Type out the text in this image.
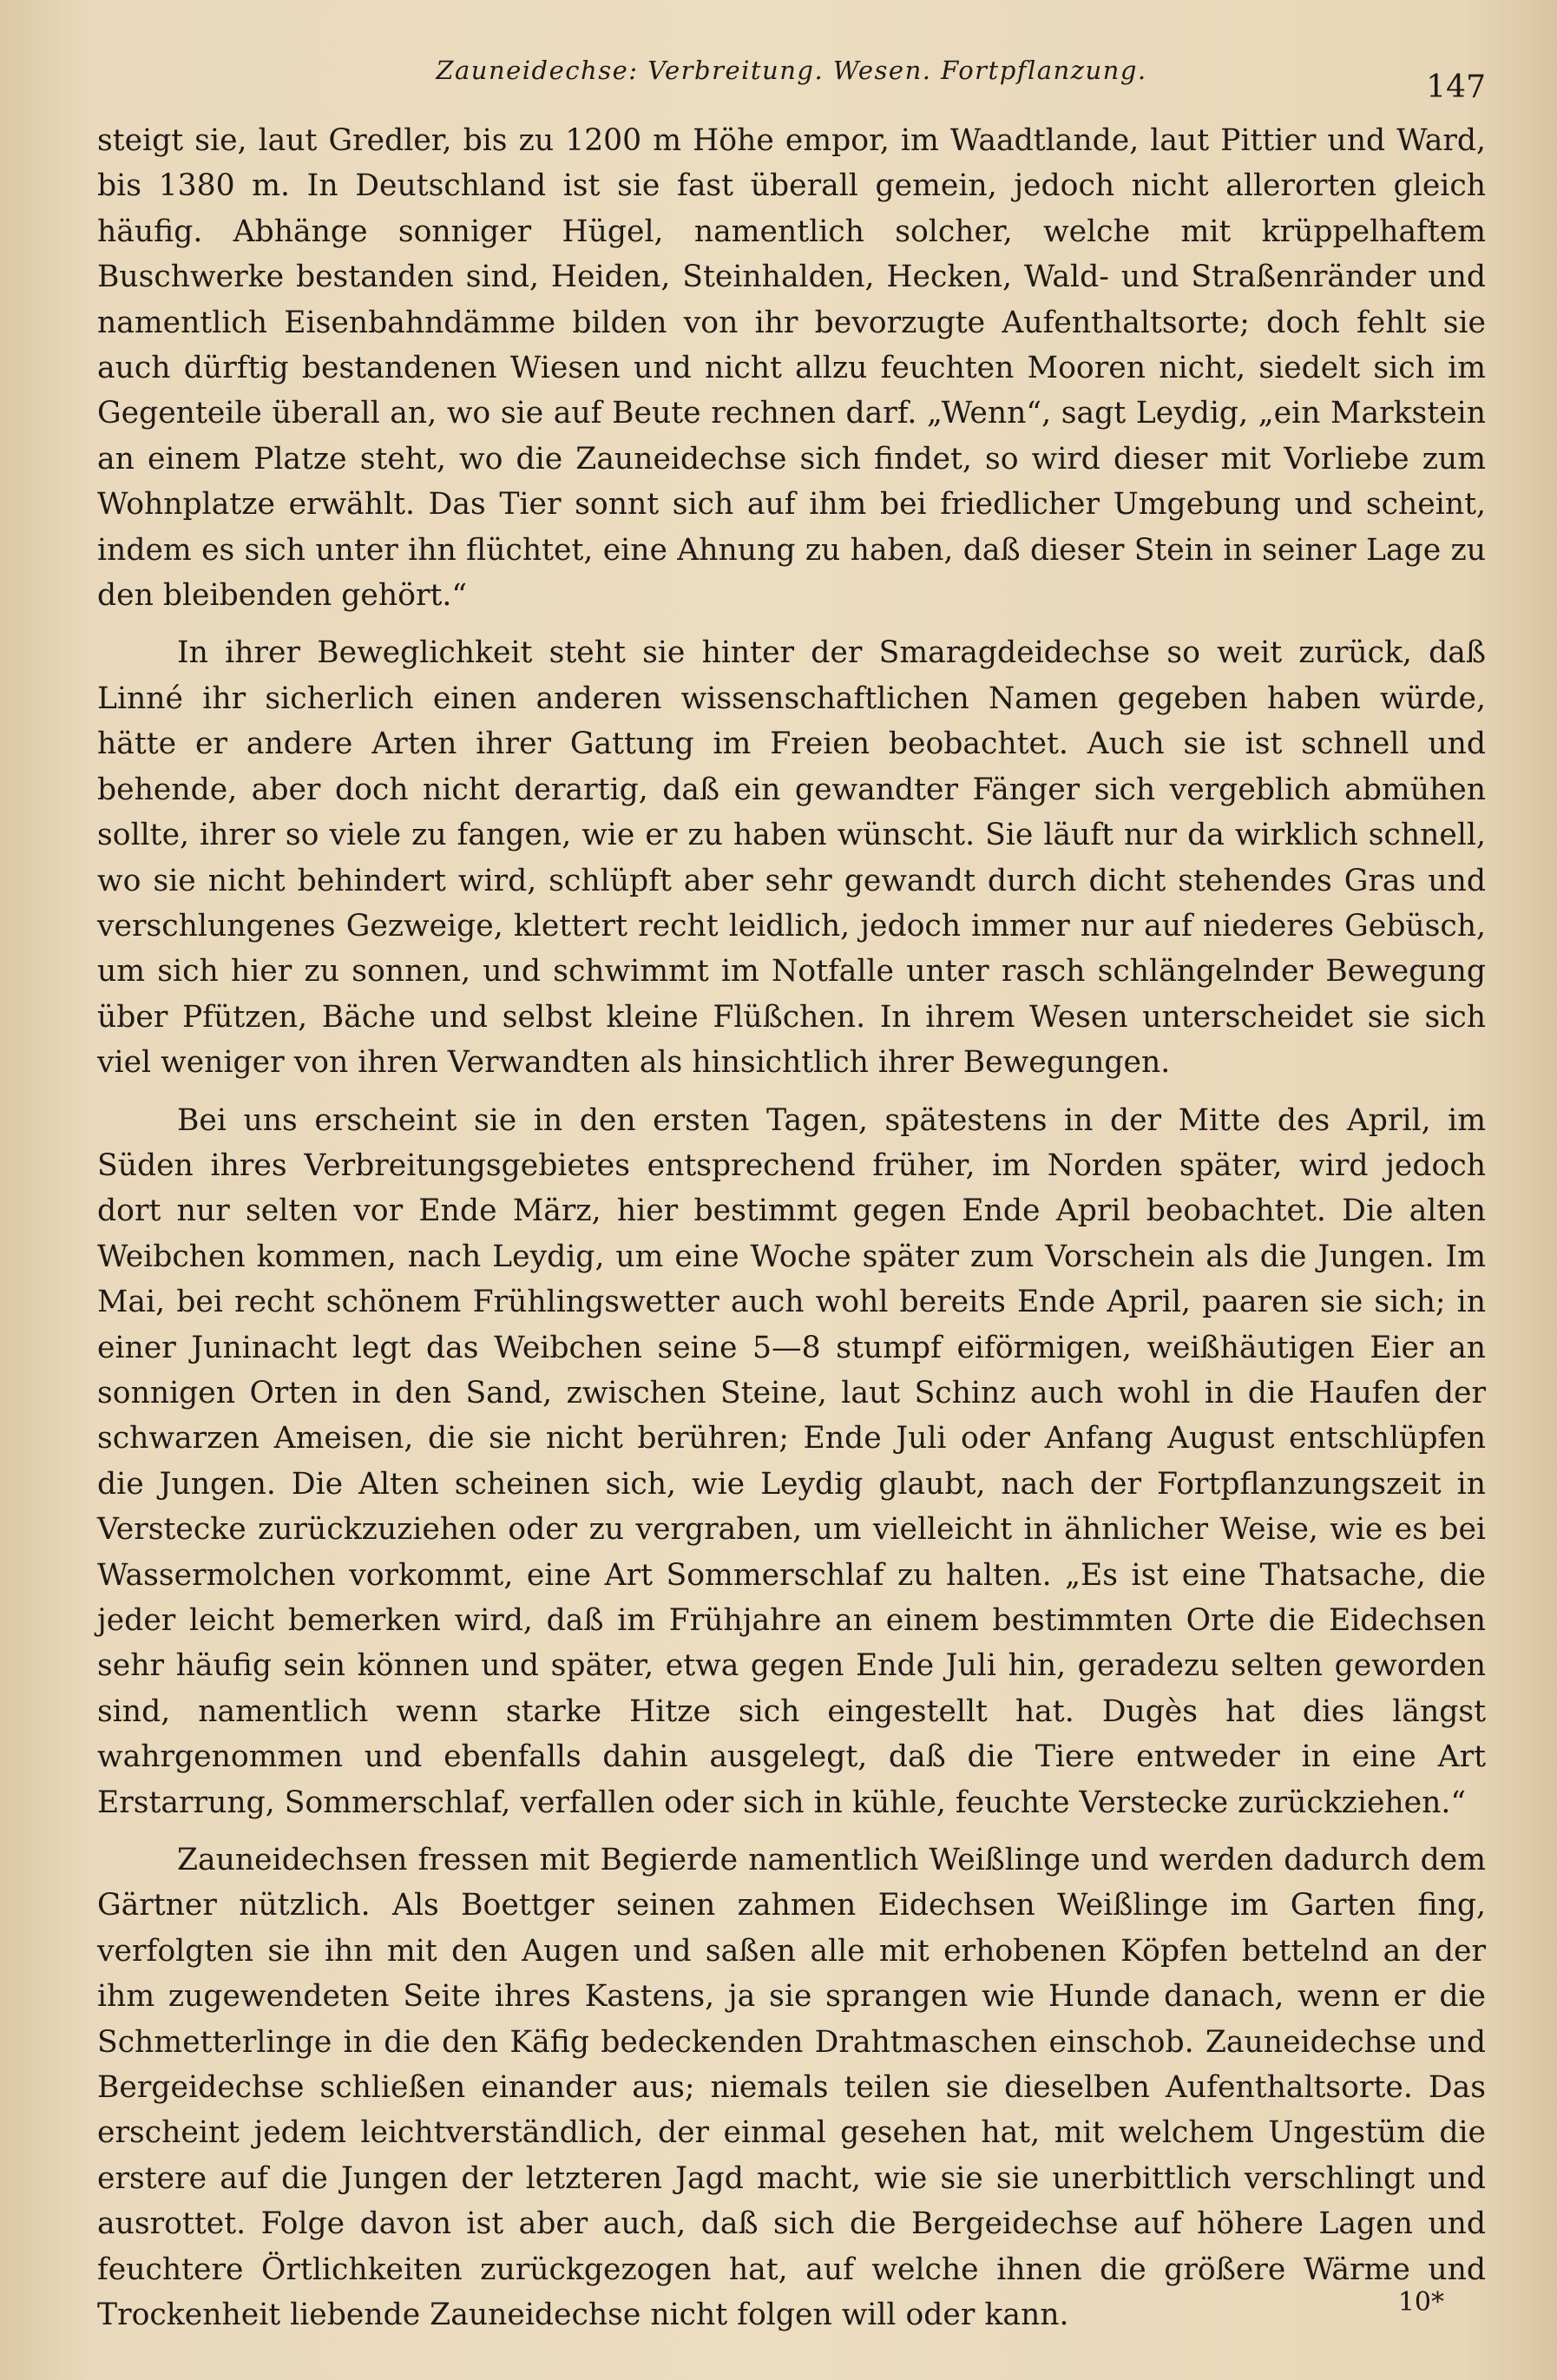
Zauneidechse: Verbreitung. Wesen. Fortpflanzung.	147

steigt sie, laut Gredler, bis zu 1200 m Höhe empor, im Waadtlande, laut Pittier und Ward, bis 1380 m. In Deutschland ist sie fast überall gemein, jedoch nicht allerorten gleich häufig. Abhänge sonniger Hügel, namentlich solcher, welche mit krüppelhaftem Buschwerke bestanden sind, Heiden, Steinhalden, Hecken, Wald- und Straßenränder und namentlich Eisenbahndämme bilden von ihr bevorzugte Aufenthaltsorte; doch fehlt sie auch dürftig bestandenen Wiesen und nicht allzu feuchten Mooren nicht, siedelt sich im Gegenteile überall an, wo sie auf Beute rechnen darf. „Wenn“, sagt Leydig, „ein Markstein an einem Platze steht, wo die Zauneidechse sich findet, so wird dieser mit Vorliebe zum Wohnplatze erwählt. Das Tier sonnt sich auf ihm bei friedlicher Umgebung und scheint, indem es sich unter ihn flüchtet, eine Ahnung zu haben, daß dieser Stein in seiner Lage zu den bleibenden gehört.“

In ihrer Beweglichkeit steht sie hinter der Smaragdeidechse so weit zurück, daß Linné ihr sicherlich einen anderen wissenschaftlichen Namen gegeben haben würde, hätte er andere Arten ihrer Gattung im Freien beobachtet. Auch sie ist schnell und behende, aber doch nicht derartig, daß ein gewandter Fänger sich vergeblich abmühen sollte, ihrer so viele zu fangen, wie er zu haben wünscht. Sie läuft nur da wirklich schnell, wo sie nicht behindert wird, schlüpft aber sehr gewandt durch dicht stehendes Gras und verschlungenes Gezweige, klettert recht leidlich, jedoch immer nur auf niederes Gebüsch, um sich hier zu sonnen, und schwimmt im Notfalle unter rasch schlängelnder Bewegung über Pfützen, Bäche und selbst kleine Flüßchen. In ihrem Wesen unterscheidet sie sich viel weniger von ihren Verwandten als hinsichtlich ihrer Bewegungen.

Bei uns erscheint sie in den ersten Tagen, spätestens in der Mitte des April, im Süden ihres Verbreitungsgebietes entsprechend früher, im Norden später, wird jedoch dort nur selten vor Ende März, hier bestimmt gegen Ende April beobachtet. Die alten Weibchen kommen, nach Leydig, um eine Woche später zum Vorschein als die Jungen. Im Mai, bei recht schönem Frühlingswetter auch wohl bereits Ende April, paaren sie sich; in einer Juninacht legt das Weibchen seine 5—8 stumpf eiförmigen, weißhäutigen Eier an sonnigen Orten in den Sand, zwischen Steine, laut Schinz auch wohl in die Haufen der schwarzen Ameisen, die sie nicht berühren; Ende Juli oder Anfang August entschlüpfen die Jungen. Die Alten scheinen sich, wie Leydig glaubt, nach der Fortpflanzungszeit in Verstecke zurückzuziehen oder zu vergraben, um vielleicht in ähnlicher Weise, wie es bei Wassermolchen vorkommt, eine Art Sommerschlaf zu halten. „Es ist eine Thatsache, die jeder leicht bemerken wird, daß im Frühjahre an einem bestimmten Orte die Eidechsen sehr häufig sein können und später, etwa gegen Ende Juli hin, geradezu selten geworden sind, namentlich wenn starke Hitze sich eingestellt hat. Dugès hat dies längst wahrgenommen und ebenfalls dahin ausgelegt, daß die Tiere entweder in eine Art Erstarrung, Sommerschlaf, verfallen oder sich in kühle, feuchte Verstecke zurückziehen.“

Zauneidechsen fressen mit Begierde namentlich Weißlinge und werden dadurch dem Gärtner nützlich. Als Boettger seinen zahmen Eidechsen Weißlinge im Garten fing, verfolgten sie ihn mit den Augen und saßen alle mit erhobenen Köpfen bettelnd an der ihm zugewendeten Seite ihres Kastens, ja sie sprangen wie Hunde danach, wenn er die Schmetterlinge in die den Käfig bedeckenden Drahtmaschen einschob. Zauneidechse und Bergeidechse schließen einander aus; niemals teilen sie dieselben Aufenthaltsorte. Das erscheint jedem leichtverständlich, der einmal gesehen hat, mit welchem Ungestüm die erstere auf die Jungen der letzteren Jagd macht, wie sie sie unerbittlich verschlingt und ausrottet. Folge davon ist aber auch, daß sich die Bergeidechse auf höhere Lagen und feuchtere Örtlichkeiten zurückgezogen hat, auf welche ihnen die größere Wärme und Trockenheit liebende Zauneidechse nicht folgen will oder kann.	10*
